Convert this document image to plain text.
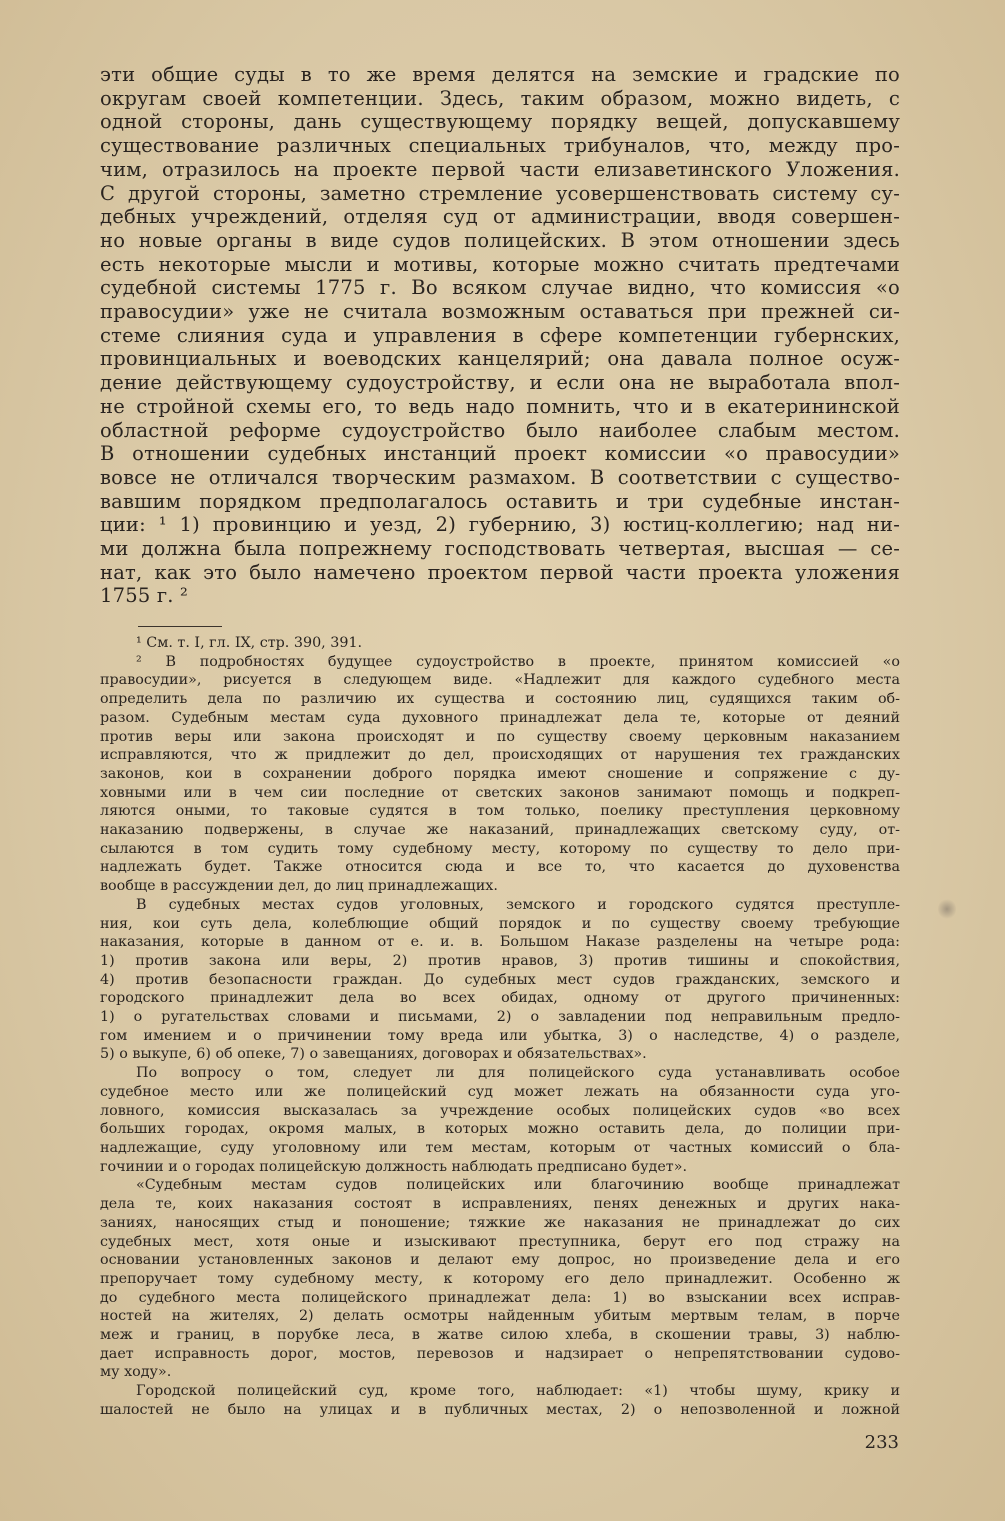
эти общие суды в то же время делятся на земские и градские по
округам своей компетенции. Здесь, таким образом, можно видеть, с
одной стороны, дань существующему порядку вещей, допускавшему
существование различных специальных трибуналов, что, между про-
чим, отразилось на проекте первой части елизаветинского Уложения.
С другой стороны, заметно стремление усовершенствовать систему су-
дебных учреждений, отделяя суд от администрации, вводя совершен-
но новые органы в виде судов полицейских. В этом отношении здесь
есть некоторые мысли и мотивы, которые можно считать предтечами
судебной системы 1775 г. Во всяком случае видно, что комиссия «о
правосудии» уже не считала возможным оставаться при прежней си-
стеме слияния суда и управления в сфере компетенции губернских,
провинциальных и воеводских канцелярий; она давала полное осуж-
дение действующему судоустройству, и если она не выработала впол-
не стройной схемы его, то ведь надо помнить, что и в екатерининской
областной реформе судоустройство было наиболее слабым местом.
В отношении судебных инстанций проект комиссии «о правосудии»
вовсе не отличался творческим размахом. В соответствии с существо-
вавшим порядком предполагалось оставить и три судебные инстан-
ции: ¹ 1) провинцию и уезд, 2) губернию, 3) юстиц-коллегию; над ни-
ми должна была попрежнему господствовать четвертая, высшая — се-
нат, как это было намечено проектом первой части проекта уложения
1755 г. ²
¹ См. т. I, гл. IX, стр. 390, 391.
² В подробностях будущее судоустройство в проекте, принятом комиссией «о
правосудии», рисуется в следующем виде. «Надлежит для каждого судебного места
определить дела по различию их существа и состоянию лиц, судящихся таким об-
разом. Судебным местам суда духовного принадлежат дела те, которые от деяний
против веры или закона происходят и по существу своему церковным наказанием
исправляются, что ж придлежит до дел, происходящих от нарушения тех гражданских
законов, кои в сохранении доброго порядка имеют сношение и сопряжение с ду-
ховными или в чем сии последние от светских законов занимают помощь и подкреп-
ляются оными, то таковые судятся в том только, поелику преступления церковному
наказанию подвержены, в случае же наказаний, принадлежащих светскому суду, от-
сылаются в том судить тому судебному месту, которому по существу то дело при-
надлежать будет. Также относится сюда и все то, что касается до духовенства
вообще в рассуждении дел, до лиц принадлежащих.
В судебных местах судов уголовных, земского и городского судятся преступле-
ния, кои суть дела, колеблющие общий порядок и по существу своему требующие
наказания, которые в данном от е. и. в. Большом Наказе разделены на четыре рода:
1) против закона или веры, 2) против нравов, 3) против тишины и спокойствия,
4) против безопасности граждан. До судебных мест судов гражданских, земского и
городского принадлежит дела во всех обидах, одному от другого причиненных:
1) о ругательствах словами и письмами, 2) о завладении под неправильным предло-
гом имением и о причинении тому вреда или убытка, 3) о наследстве, 4) о разделе,
5) о выкупе, 6) об опеке, 7) о завещаниях, договорах и обязательствах».
По вопросу о том, следует ли для полицейского суда устанавливать особое
судебное место или же полицейский суд может лежать на обязанности суда уго-
ловного, комиссия высказалась за учреждение особых полицейских судов «во всех
больших городах, окромя малых, в которых можно оставить дела, до полиции при-
надлежащие, суду уголовному или тем местам, которым от частных комиссий о бла-
гочинии и о городах полицейскую должность наблюдать предписано будет».
«Судебным местам судов полицейских или благочинию вообще принадлежат
дела те, коих наказания состоят в исправлениях, пенях денежных и других нака-
заниях, наносящих стыд и поношение; тяжкие же наказания не принадлежат до сих
судебных мест, хотя оные и изыскивают преступника, берут его под стражу на
основании установленных законов и делают ему допрос, но произведение дела и его
препоручает тому судебному месту, к которому его дело принадлежит. Особенно ж
до судебного места полицейского принадлежат дела: 1) во взыскании всех исправ-
ностей на жителях, 2) делать осмотры найденным убитым мертвым телам, в порче
меж и границ, в порубке леса, в жатве силою хлеба, в скошении травы, 3) наблю-
дает исправность дорог, мостов, перевозов и надзирает о непрепятствовании судово-
му ходу».
Городской полицейский суд, кроме того, наблюдает: «1) чтобы шуму, крику и
шалостей не было на улицах и в публичных местах, 2) о непозволенной и ложной
233
